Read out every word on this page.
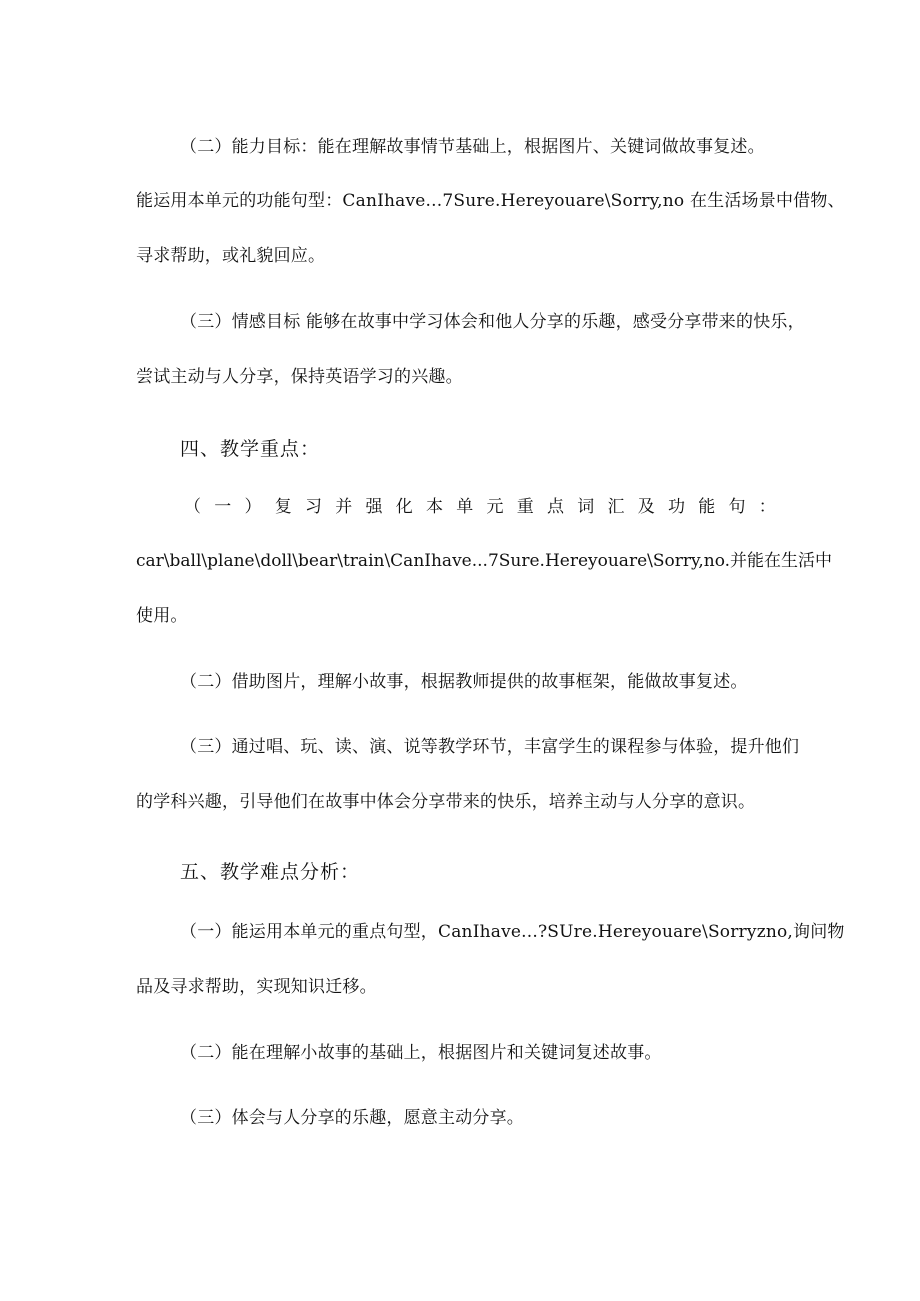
（二）能力目标：能在理解故事情节基础上，根据图片、关键词做故事复述。
能运用本单元的功能句型：CanIhave...7Sure.Hereyouare\Sorry,no 在生活场景中借物、
寻求帮助，或礼貌回应。
（三）情感目标 能够在故事中学习体会和他人分享的乐趣，感受分享带来的快乐，
尝试主动与人分享，保持英语学习的兴趣。
四、教学重点：
（ 一 ） 复 习 并 强 化 本 单 元 重 点 词 汇 及 功 能 句 ：
car\ball\plane\doll\bear\train\CanIhave...7Sure.Hereyouare\Sorry,no.并能在生活中
使用。
（二）借助图片，理解小故事，根据教师提供的故事框架，能做故事复述。
（三）通过唱、玩、读、演、说等教学环节，丰富学生的课程参与体验，提升他们
的学科兴趣，引导他们在故事中体会分享带来的快乐，培养主动与人分享的意识。
五、教学难点分析：
（一）能运用本单元的重点句型，CanIhave...?SUre.Hereyouare\Sorryzno,询问物
品及寻求帮助，实现知识迁移。
（二）能在理解小故事的基础上，根据图片和关键词复述故事。
（三）体会与人分享的乐趣，愿意主动分享。
